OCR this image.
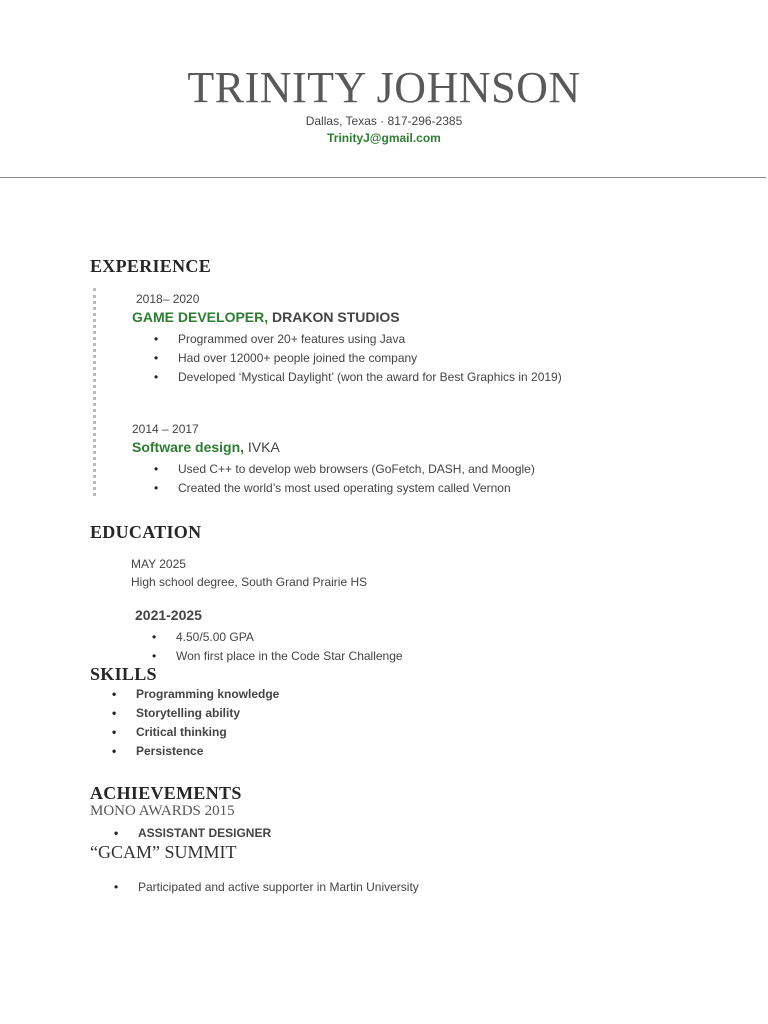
TRINITY JOHNSON
Dallas, Texas · 817-296-2385
TrinityJ@gmail.com
EXPERIENCE
2018– 2020
GAME DEVELOPER, DRAKON STUDIOS
• Programmed over 20+ features using Java
• Had over 12000+ people joined the company
• Developed ‘Mystical Daylight’ (won the award for Best Graphics in 2019)
2014 – 2017
Software design, IVKA
• Used C++ to develop web browsers (GoFetch, DASH, and Moogle)
• Created the world’s most used operating system called Vernon
EDUCATION
MAY 2025
High school degree, South Grand Prairie HS
2021-2025
• 4.50/5.00 GPA
• Won first place in the Code Star Challenge
SKILLS
• Programming knowledge
• Storytelling ability
• Critical thinking
• Persistence
ACHIEVEMENTS
MONO AWARDS 2015
• ASSISTANT DESIGNER
“GCAM” SUMMIT
• Participated and active supporter in Martin University
